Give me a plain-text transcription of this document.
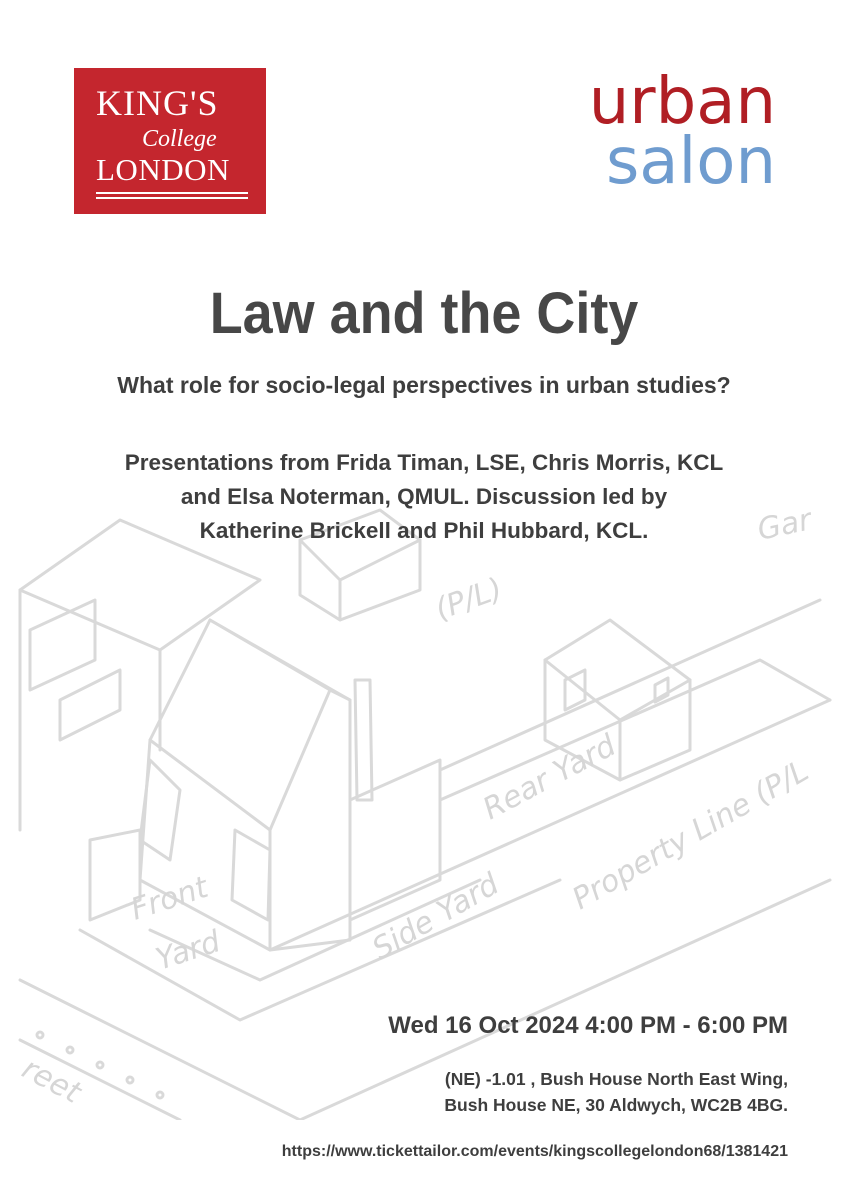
Front
Yard	Side Yard
Rear Yard
Property Line (P/L
(P/L)
Gar
reet
KING'S
College
LONDON
urban
salon
Law and the City
What role for socio-legal perspectives in urban studies?
Presentations from Frida Timan, LSE, Chris Morris, KCL
and Elsa Noterman, QMUL. Discussion led by
Katherine Brickell and Phil Hubbard, KCL.
Wed 16 Oct 2024 4:00 PM - 6:00 PM
(NE) -1.01 , Bush House North East Wing,
Bush House NE, 30 Aldwych, WC2B 4BG.
https://www.tickettailor.com/events/kingscollegelondon68/1381421
